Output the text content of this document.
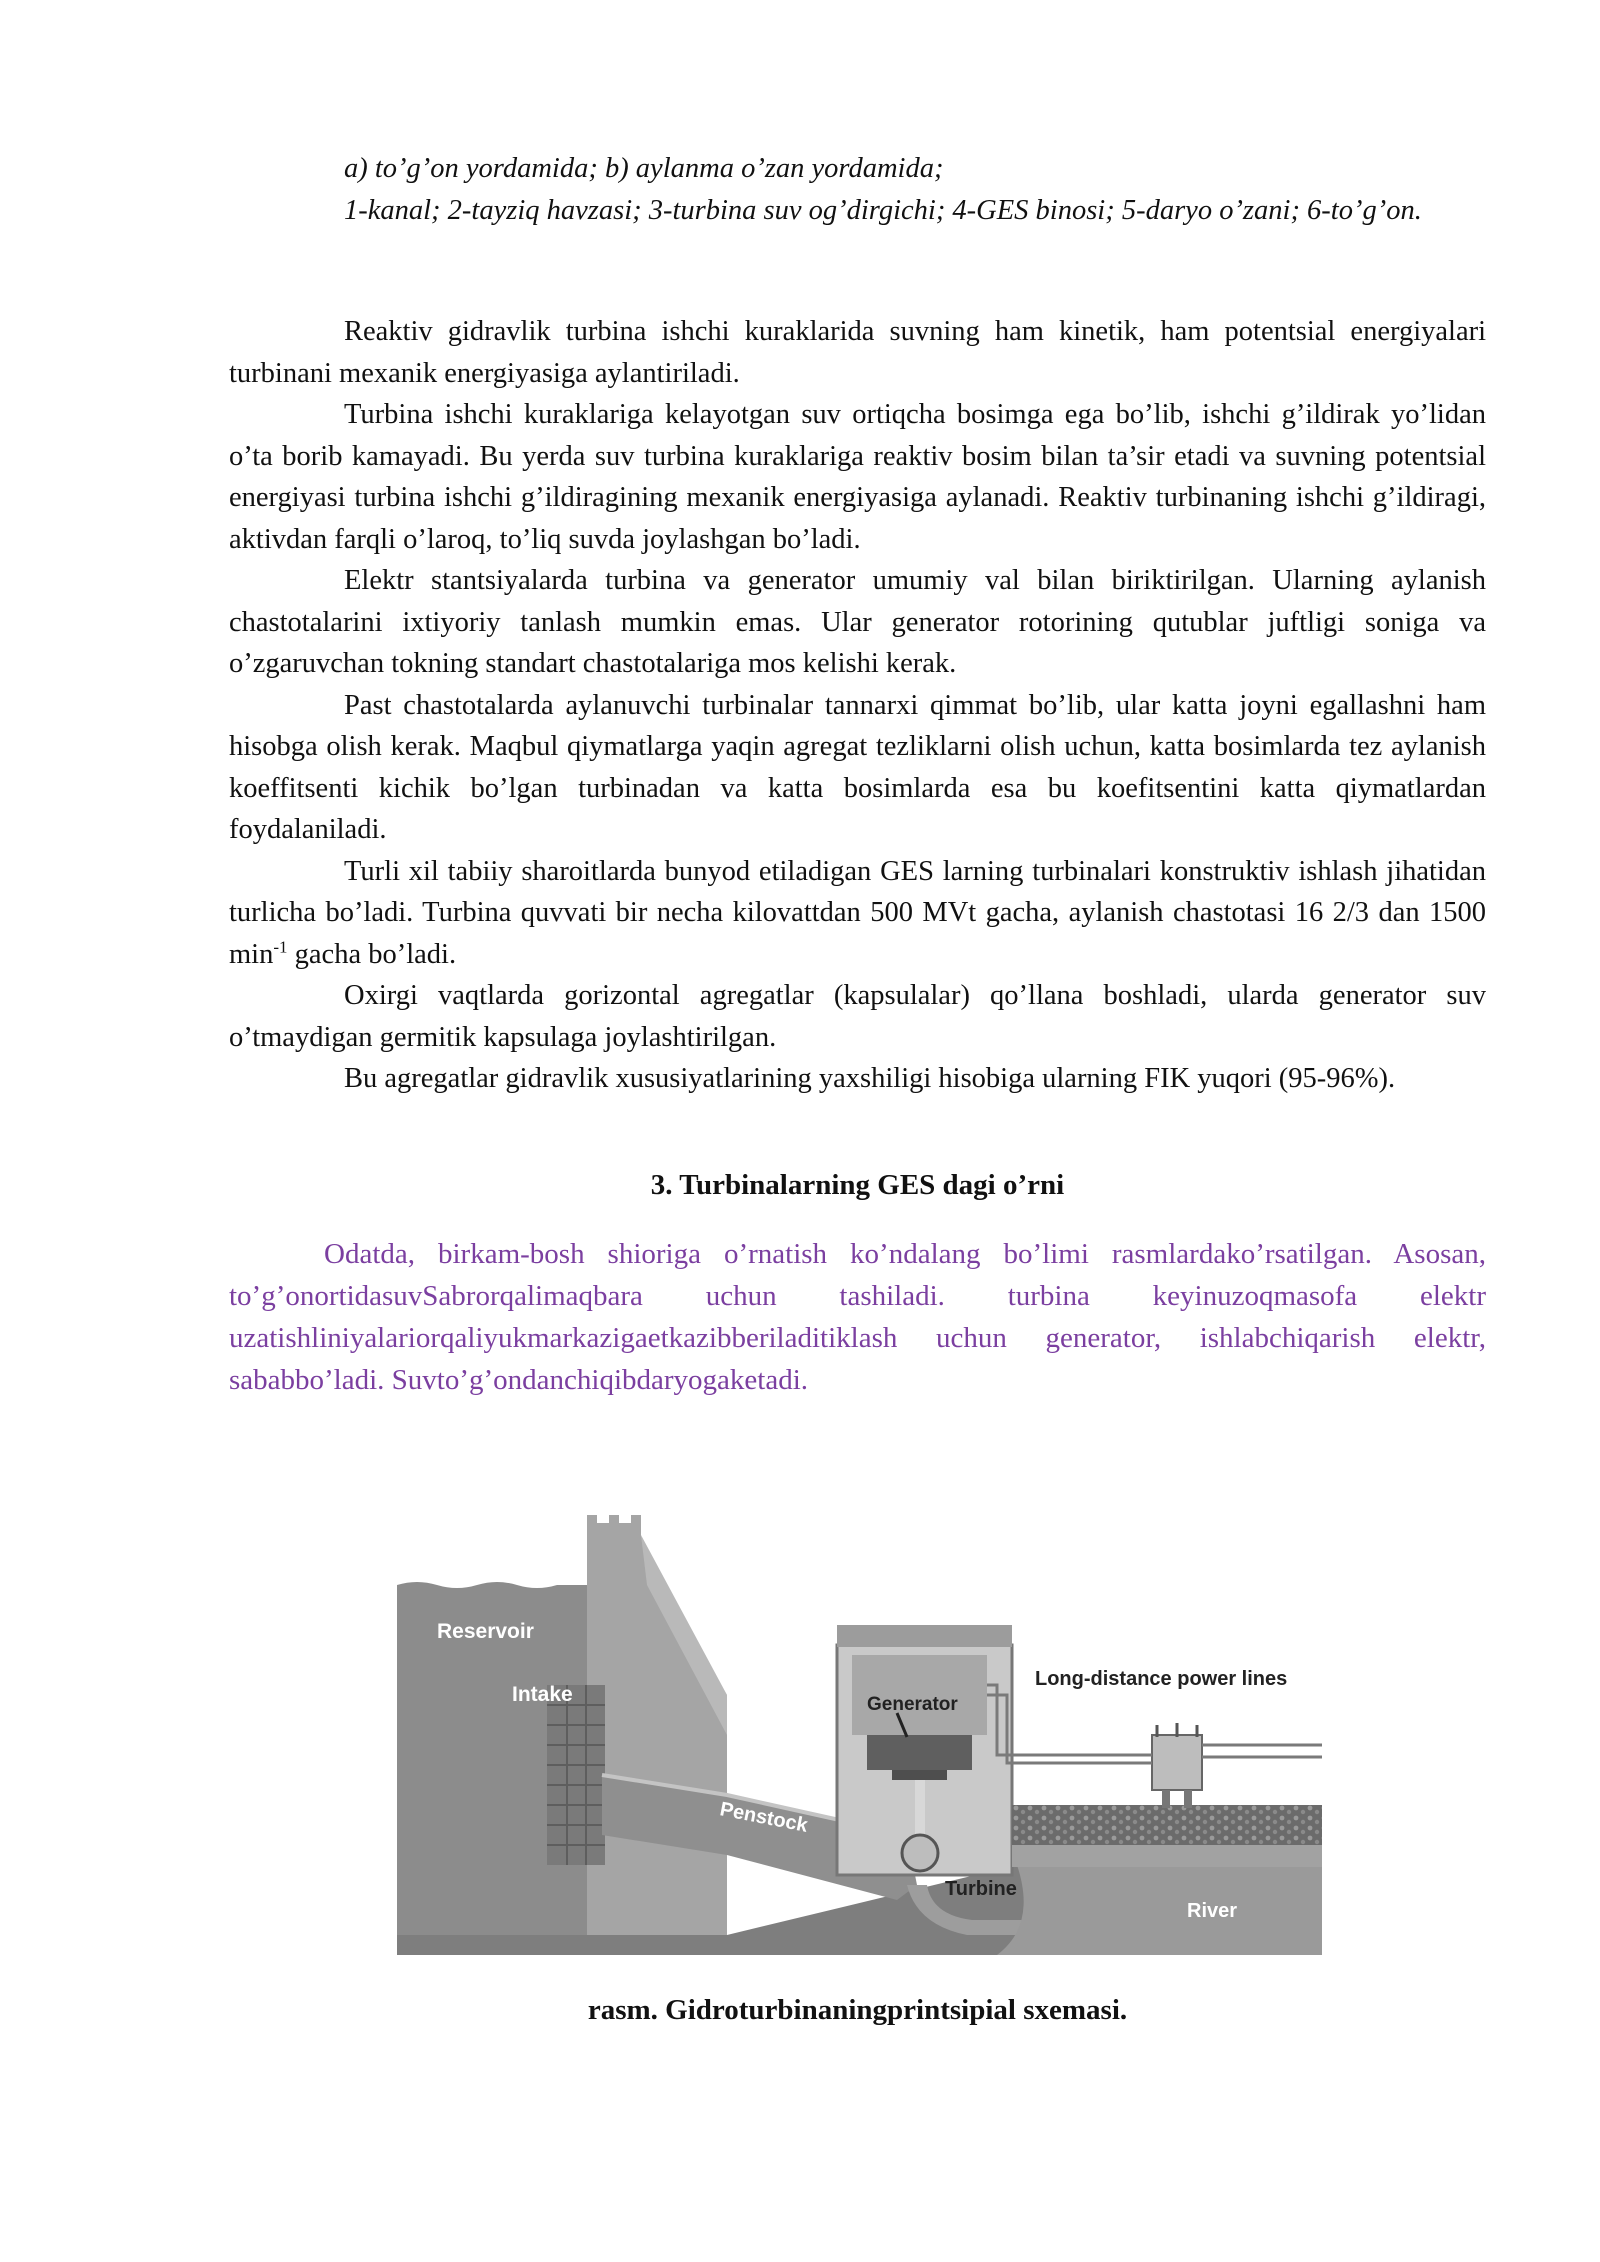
a) to’g’on yordamida; b) aylanma o’zan yordamida;

1-kanal; 2-tayziq havzasi; 3-turbina suv og’dirgichi; 4-GES binosi; 5-daryo o’zani; 6-to’g’on.

Reaktiv gidravlik turbina ishchi kuraklarida suvning ham kinetik, ham potentsial energiyalari turbinani mexanik energiyasiga aylantiriladi.

Turbina ishchi kuraklariga kelayotgan suv ortiqcha bosimga ega bo’lib, ishchi g’ildirak yo’lidan o’ta borib kamayadi. Bu yerda suv turbina kuraklariga reaktiv bosim bilan ta’sir etadi va suvning potentsial energiyasi turbina ishchi g’ildiragining mexanik energiyasiga aylanadi. Reaktiv turbinaning ishchi g’ildiragi, aktivdan farqli o’laroq, to’liq suvda joylashgan bo’ladi.

Elektr stantsiyalarda turbina va generator umumiy val bilan biriktirilgan. Ularning aylanish chastotalarini ixtiyoriy tanlash mumkin emas. Ular generator rotorining qutublar juftligi soniga va o’zgaruvchan tokning standart chastotalariga mos kelishi kerak.

Past chastotalarda aylanuvchi turbinalar tannarxi qimmat bo’lib, ular katta joyni egallashni ham hisobga olish kerak. Maqbul qiymatlarga yaqin agregat tezliklarni olish uchun, katta bosimlarda tez aylanish koeffitsenti kichik bo’lgan turbinadan va katta bosimlarda esa bu koefitsentini katta qiymatlardan foydalaniladi.

Turli xil tabiiy sharoitlarda bunyod etiladigan GES larning turbinalari konstruktiv ishlash jihatidan turlicha bo’ladi. Turbina quvvati bir necha kilovattdan 500 MVt gacha, aylanish chastotasi 16 2/3 dan 1500 $\min^{-1}$ gacha bo’ladi.

Oxirgi vaqtlarda gorizontal agregatlar (kapsulalar) qo’llana boshladi, ularda generator suv o’tmaydigan germitik kapsulaga joylashtirilgan.

Bu agregatlar gidravlik xususiyatlarining yaxshiligi hisobiga ularning FIK yuqori (95-96%).

3. Turbinalarning GES dagi o’rni

Odatda, birkam-bosh shioriga o’rnatish ko’ndalang bo’limi rasmlardako’rsatilgan. Asosan, to’g’onortidasuvSabrorqalimaqbara uchun tashiladi. turbina keyinuzoqmasofa elektr uzatishliniyalariorqaliyukmarkazigaetkazibberiladitiklash uchun generator, ishlabchiqarish elektr, sababbo’ladi. Suvto’g’ondanchiqibdaryogaketadi.

Reservoir
Intake	Generator
Long-distance power lines
Penstock
Turbine
River

rasm. Gidroturbinaningprintsipial sxemasi.
